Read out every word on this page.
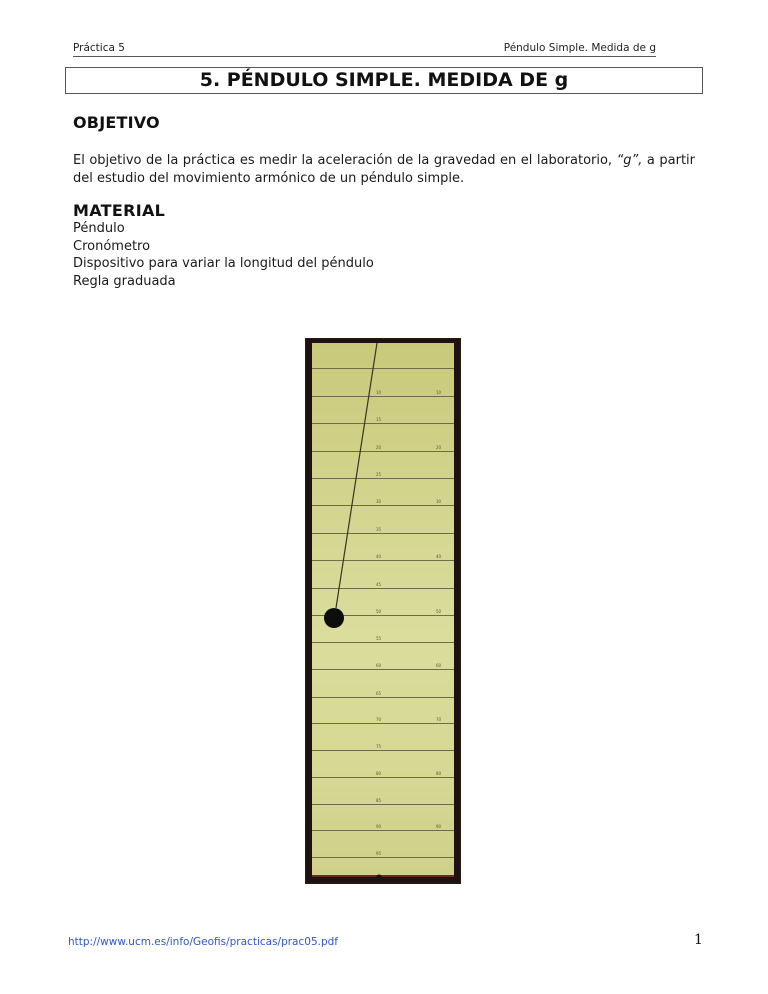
Práctica 5	Péndulo Simple. Medida de g
5. PÉNDULO SIMPLE. MEDIDA DE g
OBJETIVO

El objetivo de la práctica es medir la aceleración de la gravedad en el laboratorio, “g”, a partir del estudio del movimiento armónico de un péndulo simple.

MATERIAL
Péndulo
Cronómetro
Dispositivo para variar la longitud del péndulo
Regla graduada
10
15
20
25
30
35
40
45
50
55
60
65
70
75
80
85
90
95
10
20
30
40
50
60
70
80
90
http://www.ucm.es/info/Geofis/practicas/prac05.pdf	1
